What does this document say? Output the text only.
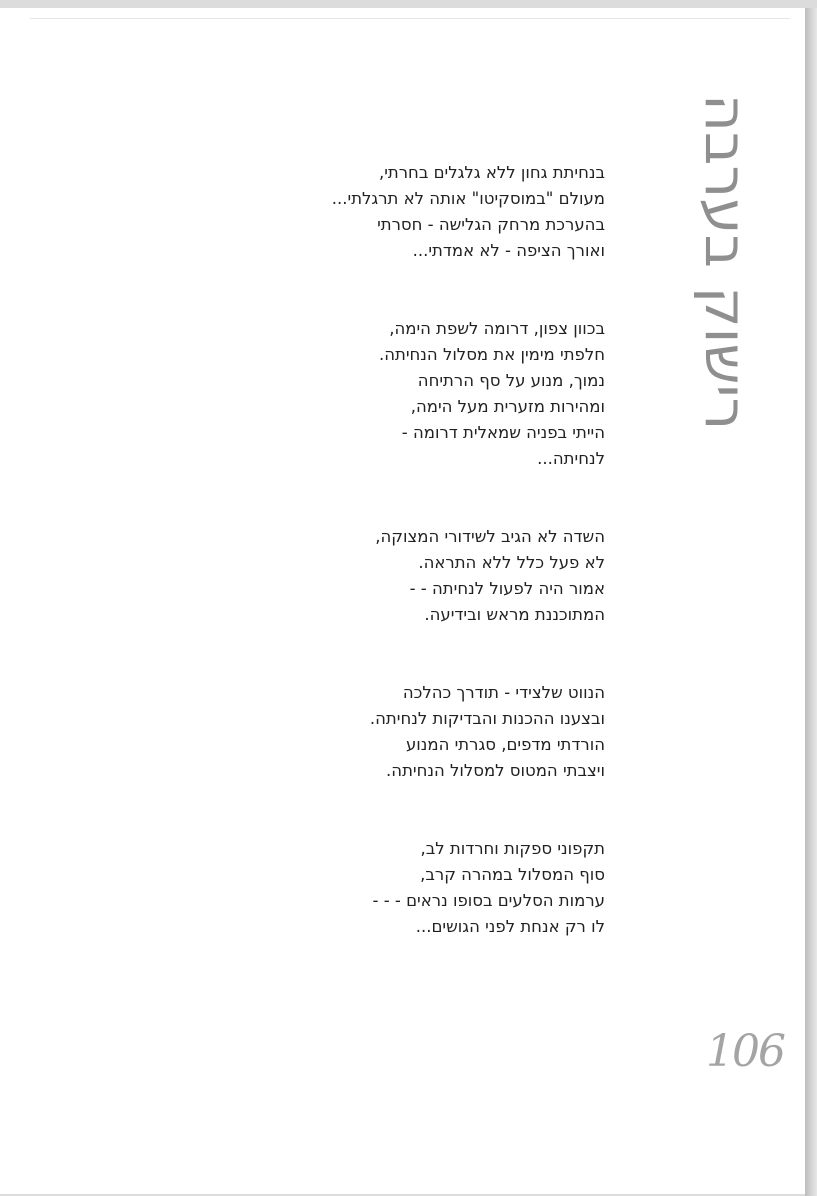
רישוק בערבה
בנחיתת גחון ללא גלגלים בחרתי,
מעולם "במוסקיטו" אותה לא תרגלתי...
בהערכת מרחק הגלישה - חסרתי
ואורך הציפה - לא אמדתי...
בכוון צפון, דרומה לשפת הימה,
חלפתי מימין את מסלול הנחיתה.
נמוך, מנוע על סף הרתיחה
ומהירות מזערית מעל הימה,
הייתי בפניה שמאלית דרומה -
לנחיתה...
השדה לא הגיב לשידורי המצוקה,
לא פעל כלל ללא התראה.
אמור היה לפעול לנחיתה - -
המתוכננת מראש ובידיעה.
הנווט שלצידי - תודרך כהלכה
ובצענו ההכנות והבדיקות לנחיתה.
הורדתי מדפים, סגרתי המנוע
ויצבתי המטוס למסלול הנחיתה.
תקפוני ספקות וחרדות לב,
סוף המסלול במהרה קרב,
ערמות הסלעים בסופו נראים - - -
לו רק אנחת לפני הגושים...
106
